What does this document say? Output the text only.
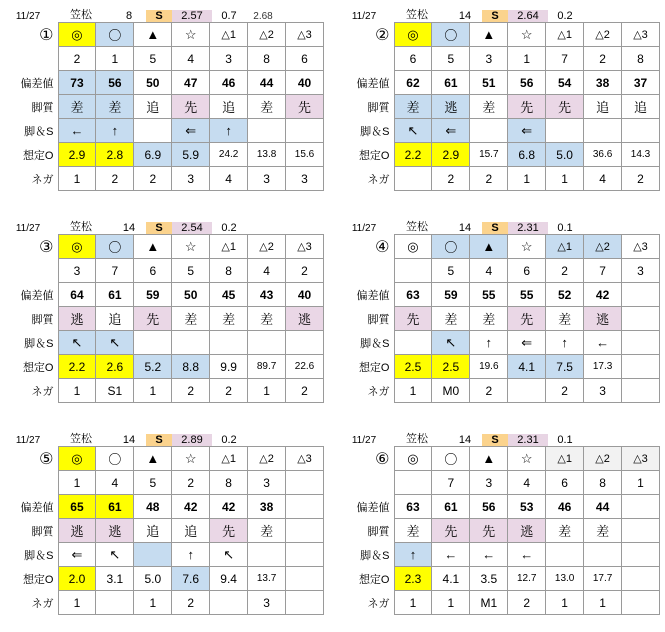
11/27	笠松	8	S	2.57	0.7	2.68
①	◎	〇	▲	☆	△1	△2	△3
	2	1	5	4	3	8	6
偏差値	73	56	50	47	46	44	40
脚質	差	差	追	先	追	差	先
脚＆S	←	↑		⇐	↑		
想定O	2.9	2.8	6.9	5.9	24.2	13.8	15.6
ネガ	1	2	2	3	4	3	3
11/27	笠松	14	S	2.64	0.2
②	◎	〇	▲	☆	△1	△2	△3
	6	5	3	1	7	2	8
偏差値	62	61	51	56	54	38	37
脚質	差	逃	差	先	先	追	追
脚＆S	↖	⇐		⇐			
想定O	2.2	2.9	15.7	6.8	5.0	36.6	14.3
ネガ		2	2	1	1	4	2
11/27	笠松	14	S	2.54	0.2
③	◎	〇	▲	☆	△1	△2	△3
	3	7	6	5	8	4	2
偏差値	64	61	59	50	45	43	40
脚質	逃	追	先	差	差	差	逃
脚＆S	↖	↖					
想定O	2.2	2.6	5.2	8.8	9.9	89.7	22.6
ネガ	1	S1	1	2	2	1	2
11/27	笠松	14	S	2.31	0.1
④	◎	〇	▲	☆	△1	△2	△3
		5	4	6	2	7	3
偏差値	63	59	55	55	52	42	
脚質	先	差	差	先	差	逃	
脚＆S		↖	↑	⇐	↑	←	
想定O	2.5	2.5	19.6	4.1	7.5	17.3	
ネガ	1	M0	2		2	3	
11/27	笠松	14	S	2.89	0.2
⑤	◎	〇	▲	☆	△1	△2	△3
	1	4	5	2	8	3	
偏差値	65	61	48	42	42	38	
脚質	逃	逃	追	追	先	差	
脚＆S	⇐	↖		↑	↖		
想定O	2.0	3.1	5.0	7.6	9.4	13.7	
ネガ	1		1	2		3	
11/27	笠松	14	S	2.31	0.1
⑥	◎	〇	▲	☆	△1	△2	△3
		7	3	4	6	8	1
偏差値	63	61	56	53	46	44	
脚質	差	先	先	逃	差	差	
脚＆S	↑	←	←	←			
想定O	2.3	4.1	3.5	12.7	13.0	17.7	
ネガ	1	1	M1	2	1	1	
